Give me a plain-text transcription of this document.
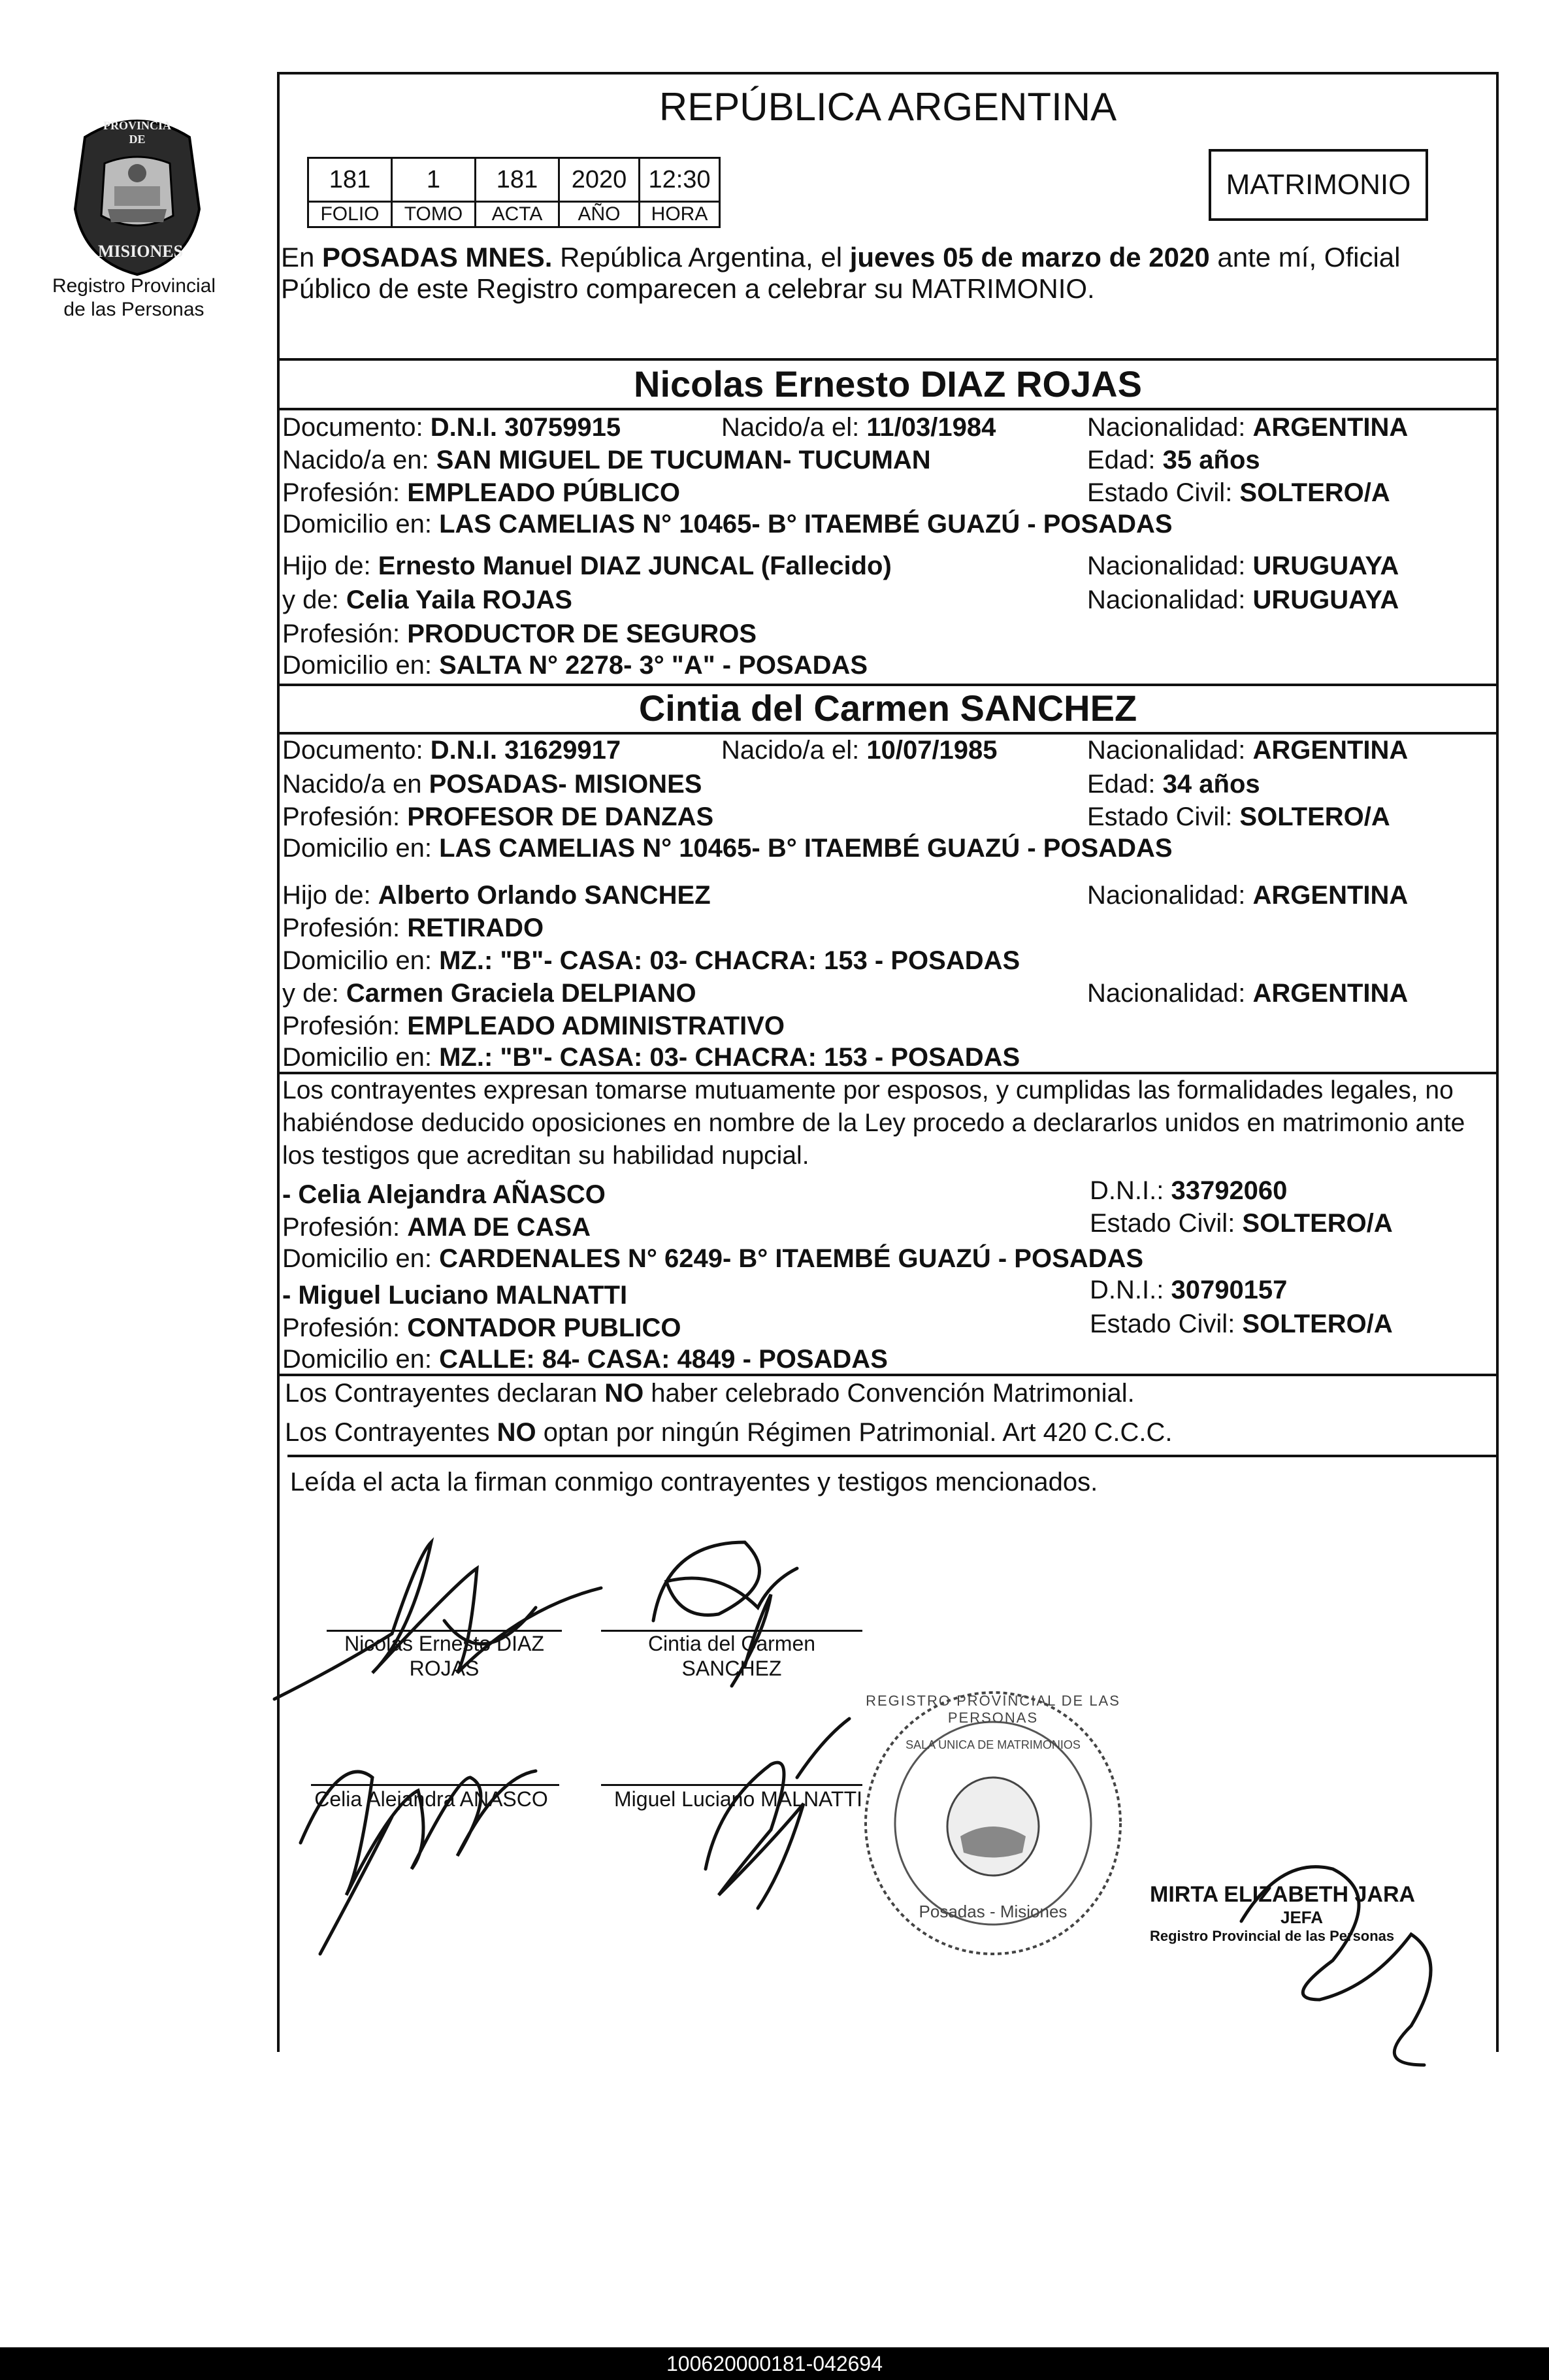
PROVINCIA DE
MISIONES
Registro Provincial
de las Personas
REPÚBLICA ARGENTINA
181	1	181	2020	12:30
FOLIO	TOMO	ACTA	AÑO	HORA
MATRIMONIO
En POSADAS MNES. República Argentina, el jueves 05 de marzo de 2020 ante mí, Oficial
Público de este Registro comparecen a celebrar su MATRIMONIO.
Nicolas Ernesto DIAZ ROJAS
Documento: D.N.I. 30759915	Nacido/a el: 11/03/1984	Nacionalidad: ARGENTINA
Nacido/a en: SAN MIGUEL DE TUCUMAN- TUCUMAN	Edad: 35 años
Profesión: EMPLEADO PÚBLICO	Estado Civil: SOLTERO/A
Domicilio en: LAS CAMELIAS N° 10465- B° ITAEMBÉ GUAZÚ - POSADAS
Hijo de: Ernesto Manuel DIAZ JUNCAL (Fallecido)	Nacionalidad: URUGUAYA
y de: Celia Yaila ROJAS	Nacionalidad: URUGUAYA
Profesión: PRODUCTOR DE SEGUROS
Domicilio en: SALTA N° 2278- 3° "A" - POSADAS
Cintia del Carmen SANCHEZ
Documento: D.N.I. 31629917	Nacido/a el: 10/07/1985	Nacionalidad: ARGENTINA
Nacido/a en POSADAS- MISIONES	Edad: 34 años
Profesión: PROFESOR DE DANZAS	Estado Civil: SOLTERO/A
Domicilio en: LAS CAMELIAS N° 10465- B° ITAEMBÉ GUAZÚ - POSADAS
Hijo de: Alberto Orlando SANCHEZ	Nacionalidad: ARGENTINA
Profesión: RETIRADO
Domicilio en: MZ.: "B"- CASA: 03- CHACRA: 153 - POSADAS
y de: Carmen Graciela DELPIANO	Nacionalidad: ARGENTINA
Profesión: EMPLEADO ADMINISTRATIVO
Domicilio en: MZ.: "B"- CASA: 03- CHACRA: 153 - POSADAS
Los contrayentes expresan tomarse mutuamente por esposos, y cumplidas las formalidades legales, no
habiéndose deducido oposiciones en nombre de la Ley procedo a declararlos unidos en matrimonio ante
los testigos que acreditan su habilidad nupcial.
- Celia Alejandra AÑASCO	D.N.I.: 33792060
Profesión: AMA DE CASA	Estado Civil: SOLTERO/A
Domicilio en: CARDENALES N° 6249- B° ITAEMBÉ GUAZÚ - POSADAS
- Miguel Luciano MALNATTI	D.N.I.: 30790157
Profesión: CONTADOR PUBLICO	Estado Civil: SOLTERO/A
Domicilio en: CALLE: 84- CASA: 4849 - POSADAS
Los Contrayentes declaran NO haber celebrado Convención Matrimonial.
Los Contrayentes NO optan por ningún Régimen Patrimonial. Art 420 C.C.C.
Leída el acta la firman conmigo contrayentes y testigos mencionados.
Nicolas Ernesto DIAZ
ROJAS
Cintia del Carmen
SANCHEZ
Celia Alejandra ANASCO	Miguel Luciano MALNATTI
REGISTRO PROVINCIAL DE LAS PERSONAS
SALA UNICA DE MATRIMONIOS
Posadas - Misiones
MIRTA ELIZABETH JARA
JEFA
Registro Provincial de las Personas
100620000181-042694
